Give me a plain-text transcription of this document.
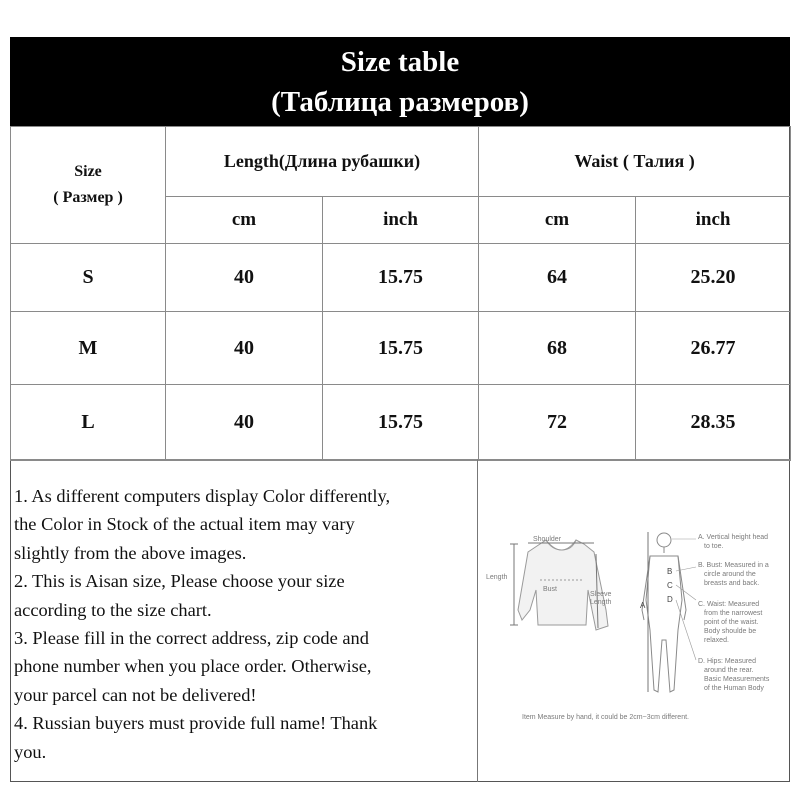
Size table
(Таблица размеров)
Size
( Размер )	Length(Длина рубашки)		Waist ( Талия )	
	cm	inch	cm	inch
S	40	15.75	64	25.20
M	40	15.75	68	26.77
L	40	15.75	72	28.35

1. As different computers display Color differently,

the Color in Stock of the actual item may vary

slightly from the above images.

2. This is Aisan size, Please choose your size

according to the size chart.

3. Please fill in the correct address, zip code and

phone number when you place order. Otherwise,

your parcel can not be delivered!

4. Russian buyers must provide full name! Thank

you.

Shoulder
Length
Bust
Sleeve
Length	A
B
C
D
A. Vertical height head
to toe.
B. Bust: Measured in a
circle around the
breasts and back.
C. Waist: Measured
from the narrowest
point of the waist.
Body shoulde be
relaxed.
D. Hips: Measured
around the rear.
Basic Measurements
of the Human Body
Item Measure by hand, it could be 2cm~3cm different.
